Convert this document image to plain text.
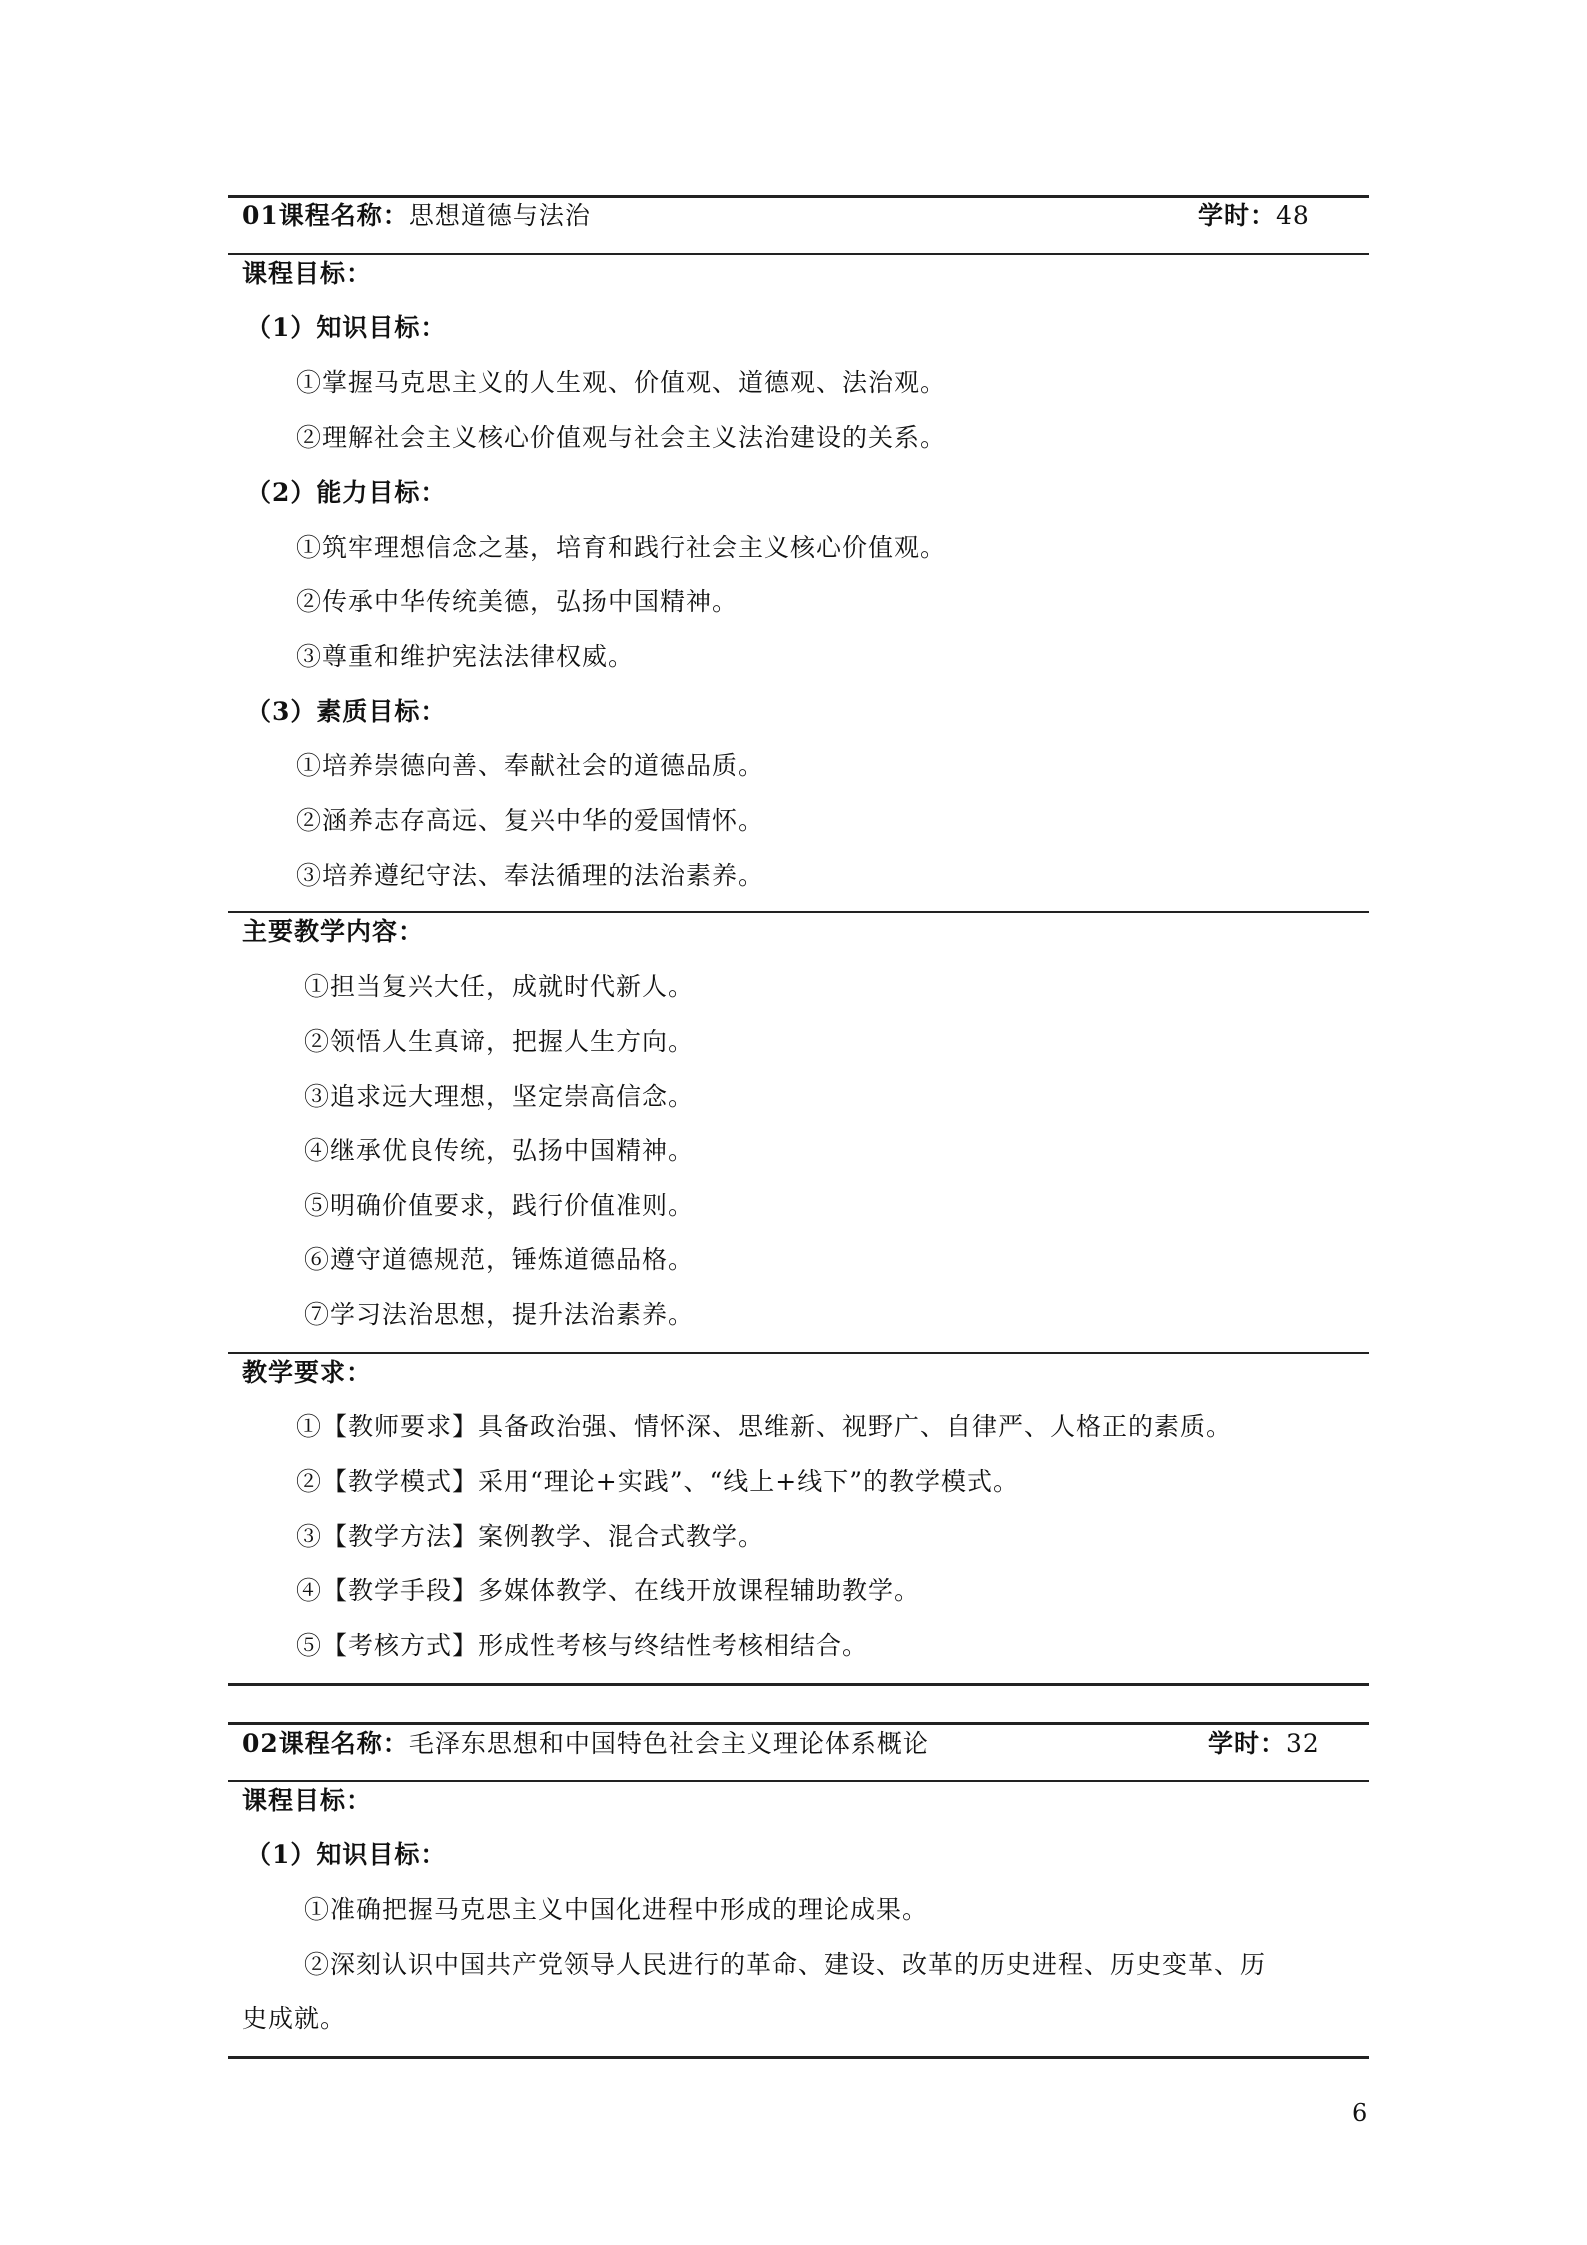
01课程名称：思想道德与法治	学时：48
课程目标：
（1）知识目标：
①掌握马克思主义的人生观、价值观、道德观、法治观。
②理解社会主义核心价值观与社会主义法治建设的关系。
（2）能力目标：
①筑牢理想信念之基，培育和践行社会主义核心价值观。
②传承中华传统美德，弘扬中国精神。
③尊重和维护宪法法律权威。
（3）素质目标：
①培养崇德向善、奉献社会的道德品质。
②涵养志存高远、复兴中华的爱国情怀。
③培养遵纪守法、奉法循理的法治素养。
主要教学内容：
①担当复兴大任，成就时代新人。
②领悟人生真谛，把握人生方向。
③追求远大理想，坚定崇高信念。
④继承优良传统，弘扬中国精神。
⑤明确价值要求，践行价值准则。
⑥遵守道德规范，锤炼道德品格。
⑦学习法治思想，提升法治素养。
教学要求：
①【教师要求】具备政治强、情怀深、思维新、视野广、自律严、人格正的素质。
②【教学模式】采用“理论+实践”、“线上+线下”的教学模式。
③【教学方法】案例教学、混合式教学。
④【教学手段】多媒体教学、在线开放课程辅助教学。
⑤【考核方式】形成性考核与终结性考核相结合。
02课程名称：毛泽东思想和中国特色社会主义理论体系概论	学时：32
课程目标：
（1）知识目标：
①准确把握马克思主义中国化进程中形成的理论成果。
②深刻认识中国共产党领导人民进行的革命、建设、改革的历史进程、历史变革、历
史成就。
6
